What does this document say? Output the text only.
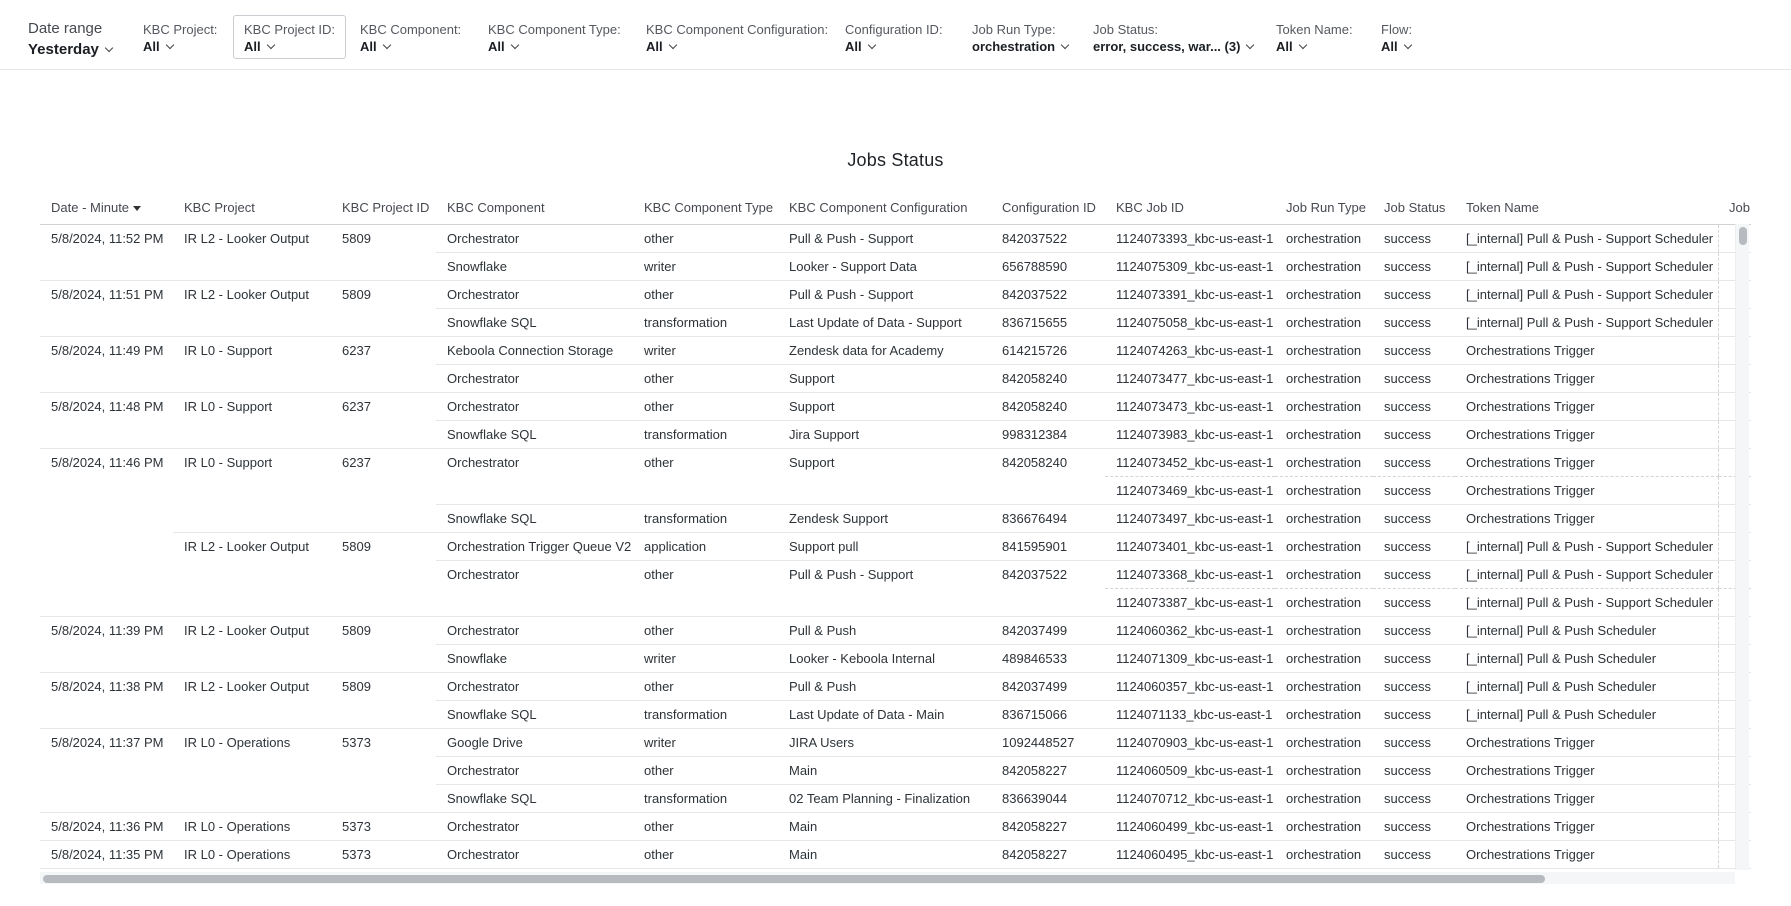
Date range
Yesterday
KBC Project:
All
KBC Project ID:
All
KBC Component:
All
KBC Component Type:
All
KBC Component Configuration:
All
Configuration ID:
All
Job Run Type:
orchestration
Job Status:
error, success, war... (3)
Token Name:
All
Flow:
All
Jobs Status
Date - Minute	KBC Project	KBC Project ID	KBC Component	KBC Component Type	KBC Component Configuration	Configuration ID	KBC Job ID	Job Run Type	Job Status	Token Name	Job
5/8/2024, 11:52 PM	IR L2 - Looker Output	5809	Orchestrator	other	Pull & Push - Support	842037522	1124073393_kbc-us-east-1	orchestration	success	[_internal] Pull & Push - Support Scheduler	
			Snowflake	writer	Looker - Support Data	656788590	1124075309_kbc-us-east-1	orchestration	success	[_internal] Pull & Push - Support Scheduler	
5/8/2024, 11:51 PM	IR L2 - Looker Output	5809	Orchestrator	other	Pull & Push - Support	842037522	1124073391_kbc-us-east-1	orchestration	success	[_internal] Pull & Push - Support Scheduler	
			Snowflake SQL	transformation	Last Update of Data - Support	836715655	1124075058_kbc-us-east-1	orchestration	success	[_internal] Pull & Push - Support Scheduler	
5/8/2024, 11:49 PM	IR L0 - Support	6237	Keboola Connection Storage	writer	Zendesk data for Academy	614215726	1124074263_kbc-us-east-1	orchestration	success	Orchestrations Trigger	
			Orchestrator	other	Support	842058240	1124073477_kbc-us-east-1	orchestration	success	Orchestrations Trigger	
5/8/2024, 11:48 PM	IR L0 - Support	6237	Orchestrator	other	Support	842058240	1124073473_kbc-us-east-1	orchestration	success	Orchestrations Trigger	
			Snowflake SQL	transformation	Jira Support	998312384	1124073983_kbc-us-east-1	orchestration	success	Orchestrations Trigger	
5/8/2024, 11:46 PM	IR L0 - Support	6237	Orchestrator	other	Support	842058240	1124073452_kbc-us-east-1	orchestration	success	Orchestrations Trigger	
							1124073469_kbc-us-east-1	orchestration	success	Orchestrations Trigger	
			Snowflake SQL	transformation	Zendesk Support	836676494	1124073497_kbc-us-east-1	orchestration	success	Orchestrations Trigger	
	IR L2 - Looker Output	5809	Orchestration Trigger Queue V2	application	Support pull	841595901	1124073401_kbc-us-east-1	orchestration	success	[_internal] Pull & Push - Support Scheduler	
			Orchestrator	other	Pull & Push - Support	842037522	1124073368_kbc-us-east-1	orchestration	success	[_internal] Pull & Push - Support Scheduler	
							1124073387_kbc-us-east-1	orchestration	success	[_internal] Pull & Push - Support Scheduler	
5/8/2024, 11:39 PM	IR L2 - Looker Output	5809	Orchestrator	other	Pull & Push	842037499	1124060362_kbc-us-east-1	orchestration	success	[_internal] Pull & Push Scheduler	
			Snowflake	writer	Looker - Keboola Internal	489846533	1124071309_kbc-us-east-1	orchestration	success	[_internal] Pull & Push Scheduler	
5/8/2024, 11:38 PM	IR L2 - Looker Output	5809	Orchestrator	other	Pull & Push	842037499	1124060357_kbc-us-east-1	orchestration	success	[_internal] Pull & Push Scheduler	
			Snowflake SQL	transformation	Last Update of Data - Main	836715066	1124071133_kbc-us-east-1	orchestration	success	[_internal] Pull & Push Scheduler	
5/8/2024, 11:37 PM	IR L0 - Operations	5373	Google Drive	writer	JIRA Users	1092448527	1124070903_kbc-us-east-1	orchestration	success	Orchestrations Trigger	
			Orchestrator	other	Main	842058227	1124060509_kbc-us-east-1	orchestration	success	Orchestrations Trigger	
			Snowflake SQL	transformation	02 Team Planning - Finalization	836639044	1124070712_kbc-us-east-1	orchestration	success	Orchestrations Trigger	
5/8/2024, 11:36 PM	IR L0 - Operations	5373	Orchestrator	other	Main	842058227	1124060499_kbc-us-east-1	orchestration	success	Orchestrations Trigger	
5/8/2024, 11:35 PM	IR L0 - Operations	5373	Orchestrator	other	Main	842058227	1124060495_kbc-us-east-1	orchestration	success	Orchestrations Trigger	
